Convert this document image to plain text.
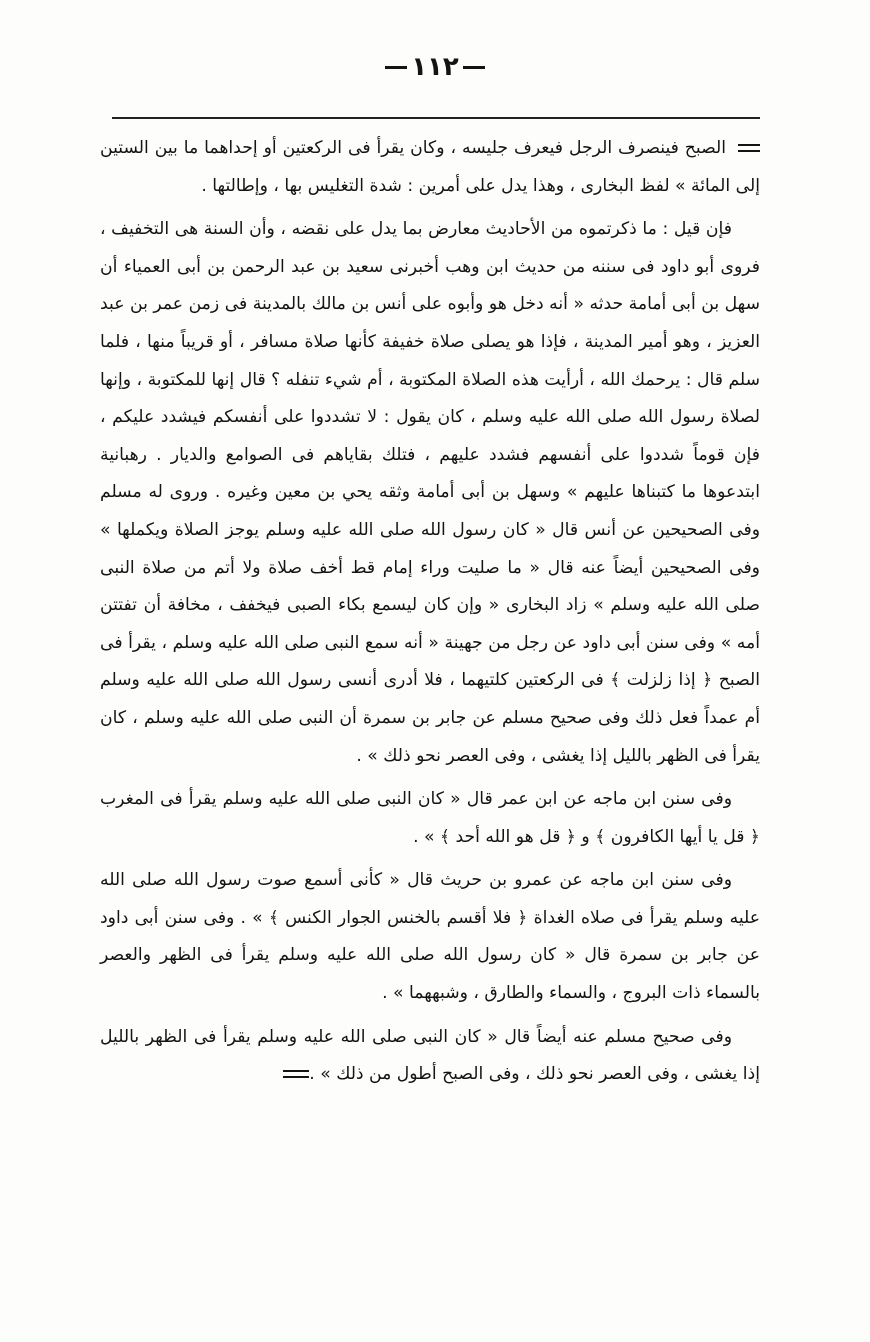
١١٢

الصبح فينصرف الرجل فيعرف جليسه ، وكان يقرأ فى الركعتين أو إحداهما ما بين الستين إلى المائة » لفظ البخارى ، وهذا يدل على أمرين : شدة التغليس بها ، وإطالتها .

فإن قيل : ما ذكرتموه من الأحاديث معارض بما يدل على نقضه ، وأن السنة هى التخفيف ، فروى أبو داود فى سننه من حديث ابن وهب أخبرنى سعيد بن عبد الرحمن بن أبى العمياء أن سهل بن أبى أمامة حدثه « أنه دخل هو وأبوه على أنس بن مالك بالمدينة فى زمن عمر بن عبد العزيز ، وهو أمير المدينة ، فإذا هو يصلى صلاة خفيفة كأنها صلاة مسافر ، أو قريباً منها ، فلما سلم قال : يرحمك الله ، أرأيت هذه الصلاة المكتوبة ، أم شيء تنفله ؟ قال إنها للمكتوبة ، وإنها لصلاة رسول الله صلى الله عليه وسلم ، كان يقول : لا تشددوا على أنفسكم فيشدد عليكم ، فإن قوماً شددوا على أنفسهم فشدد عليهم ، فتلك بقاياهم فى الصوامع والديار . رهبانية ابتدعوها ما كتبناها عليهم » وسهل بن أبى أمامة وثقه يحي بن معين وغيره . وروى له مسلم وفى الصحيحين عن أنس قال « كان رسول الله صلى الله عليه وسلم يوجز الصلاة ويكملها » وفى الصحيحين أيضاً عنه قال « ما صليت وراء إمام قط أخف صلاة ولا أتم من صلاة النبى صلى الله عليه وسلم » زاد البخارى « وإن كان ليسمع بكاء الصبى فيخفف ، مخافة أن تفتتن أمه » وفى سنن أبى داود عن رجل من جهينة « أنه سمع النبى صلى الله عليه وسلم ، يقرأ فى الصبح ﴿ إذا زلزلت ﴾ فى الركعتين كلتيهما ، فلا أدرى أنسى رسول الله صلى الله عليه وسلم أم عمداً فعل ذلك وفى صحيح مسلم عن جابر بن سمرة أن النبى صلى الله عليه وسلم ، كان يقرأ فى الظهر بالليل إذا يغشى ، وفى العصر نحو ذلك » .

وفى سنن ابن ماجه عن ابن عمر قال « كان النبى صلى الله عليه وسلم يقرأ فى المغرب ﴿ قل يا أيها الكافرون ﴾ و ﴿ قل هو الله أحد ﴾ » .

وفى سنن ابن ماجه عن عمرو بن حريث قال « كأنى أسمع صوت رسول الله صلى الله عليه وسلم يقرأ فى صلاه الغداة ﴿ فلا أقسم بالخنس الجوار الكنس ﴾ » . وفى سنن أبى داود عن جابر بن سمرة قال « كان رسول الله صلى الله عليه وسلم يقرأ فى الظهر والعصر بالسماء ذات البروج ، والسماء والطارق ، وشبههما » .

وفى صحيح مسلم عنه أيضاً قال « كان النبى صلى الله عليه وسلم يقرأ فى الظهر بالليل إذا يغشى ، وفى العصر نحو ذلك ، وفى الصبح أطول من ذلك » .
